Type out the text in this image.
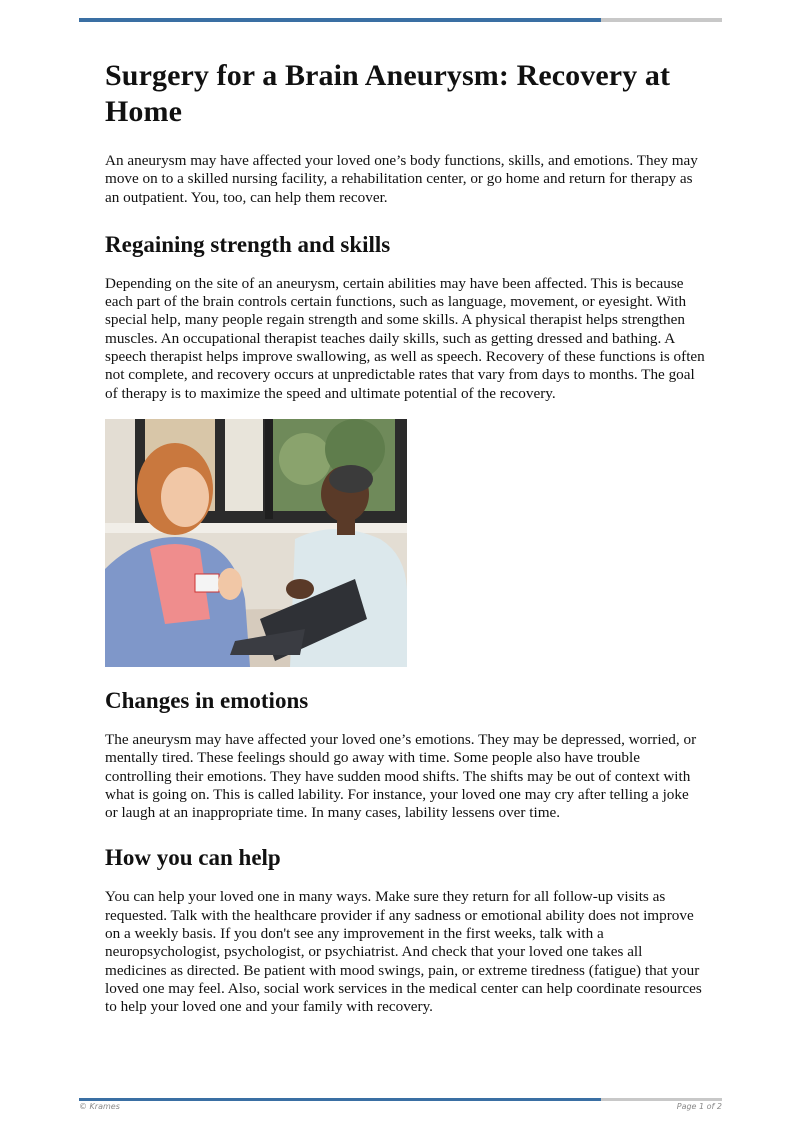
Surgery for a Brain Aneurysm: Recovery at Home

An aneurysm may have affected your loved one’s body functions, skills, and emotions. They may move on to a skilled nursing facility, a rehabilitation center, or go home and return for therapy as an outpatient. You, too, can help them recover.

Regaining strength and skills

Depending on the site of an aneurysm, certain abilities may have been affected. This is because each part of the brain controls certain functions, such as language, movement, or eyesight. With special help, many people regain strength and some skills. A physical therapist helps strengthen muscles. An occupational therapist teaches daily skills, such as getting dressed and bathing. A speech therapist helps improve swallowing, as well as speech. Recovery of these functions is often not complete, and recovery occurs at unpredictable rates that vary from days to months. The goal of therapy is to maximize the speed and ultimate potential of the recovery.

Changes in emotions

The aneurysm may have affected your loved one’s emotions. They may be depressed, worried, or mentally tired. These feelings should go away with time. Some people also have trouble controlling their emotions. They have sudden mood shifts. The shifts may be out of context with what is going on. This is called lability. For instance, your loved one may cry after telling a joke or laugh at an inappropriate time. In many cases, lability lessens over time.

How you can help

You can help your loved one in many ways. Make sure they return for all follow-up visits as requested. Talk with the healthcare provider if any sadness or emotional ability does not improve on a weekly basis. If you don't see any improvement in the first weeks, talk with a neuropsychologist, psychologist, or psychiatrist. And check that your loved one takes all medicines as directed. Be patient with mood swings, pain, or extreme tiredness (fatigue) that your loved one may feel. Also, social work services in the medical center can help coordinate resources to help your loved one and your family with recovery.

© Krames	Page 1 of 2
